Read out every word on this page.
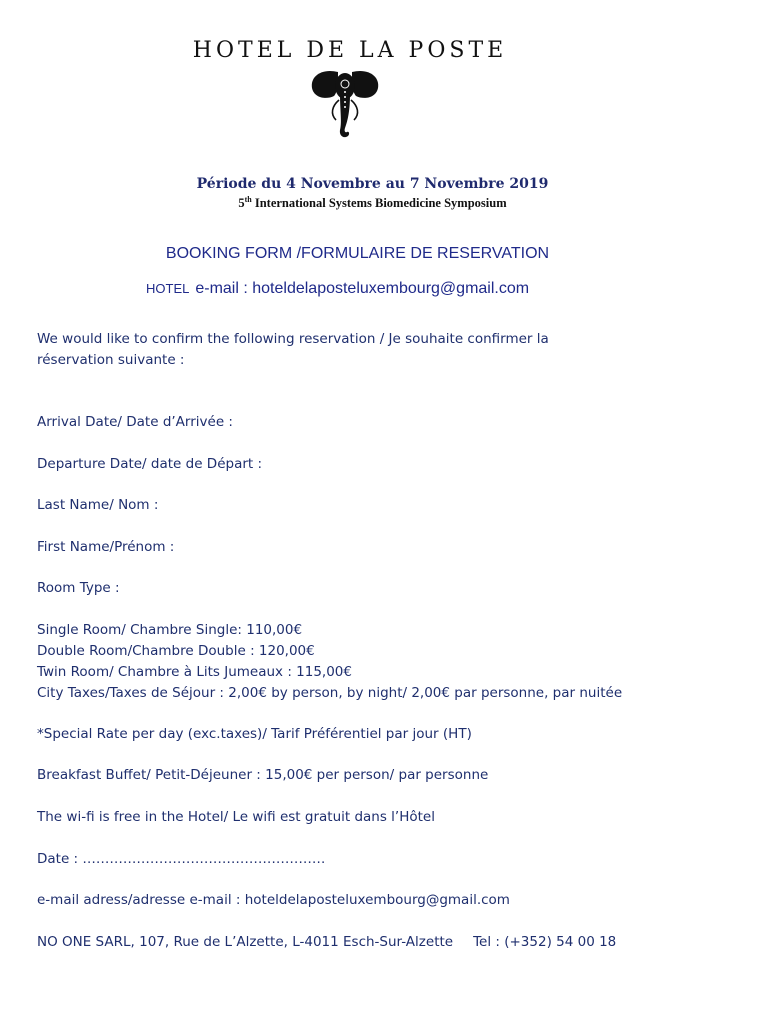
HOTEL DE LA POSTE
Période du 4 Novembre au 7 Novembre 2019
5th International Systems Biomedicine Symposium
BOOKING FORM /FORMULAIRE DE RESERVATION
HOTEL e-mail : hoteldelaposteluxembourg@gmail.com
We would like to confirm the following reservation / Je souhaite confirmer la
réservation suivante :
Arrival Date/ Date d’Arrivée :
Departure Date/ date de Départ :
Last Name/ Nom :
First Name/Prénom :
Room Type :
Single Room/ Chambre Single: 110,00€
Double Room/Chambre Double : 120,00€
Twin Room/ Chambre à Lits Jumeaux : 115,00€
City Taxes/Taxes de Séjour : 2,00€ by person, by night/ 2,00€ par personne, par nuitée
*Special Rate per day (exc.taxes)/ Tarif Préférentiel par jour (HT)
Breakfast Buffet/ Petit-Déjeuner : 15,00€ per person/ par personne
The wi-fi is free in the Hotel/ Le wifi est gratuit dans l’Hôtel
Date : ………………………………………………
e-mail adress/adresse e-mail : hoteldelaposteluxembourg@gmail.com
NO ONE SARL, 107, Rue de L’Alzette, L-4011 Esch-Sur-Alzette Tel : (+352) 54 00 18
